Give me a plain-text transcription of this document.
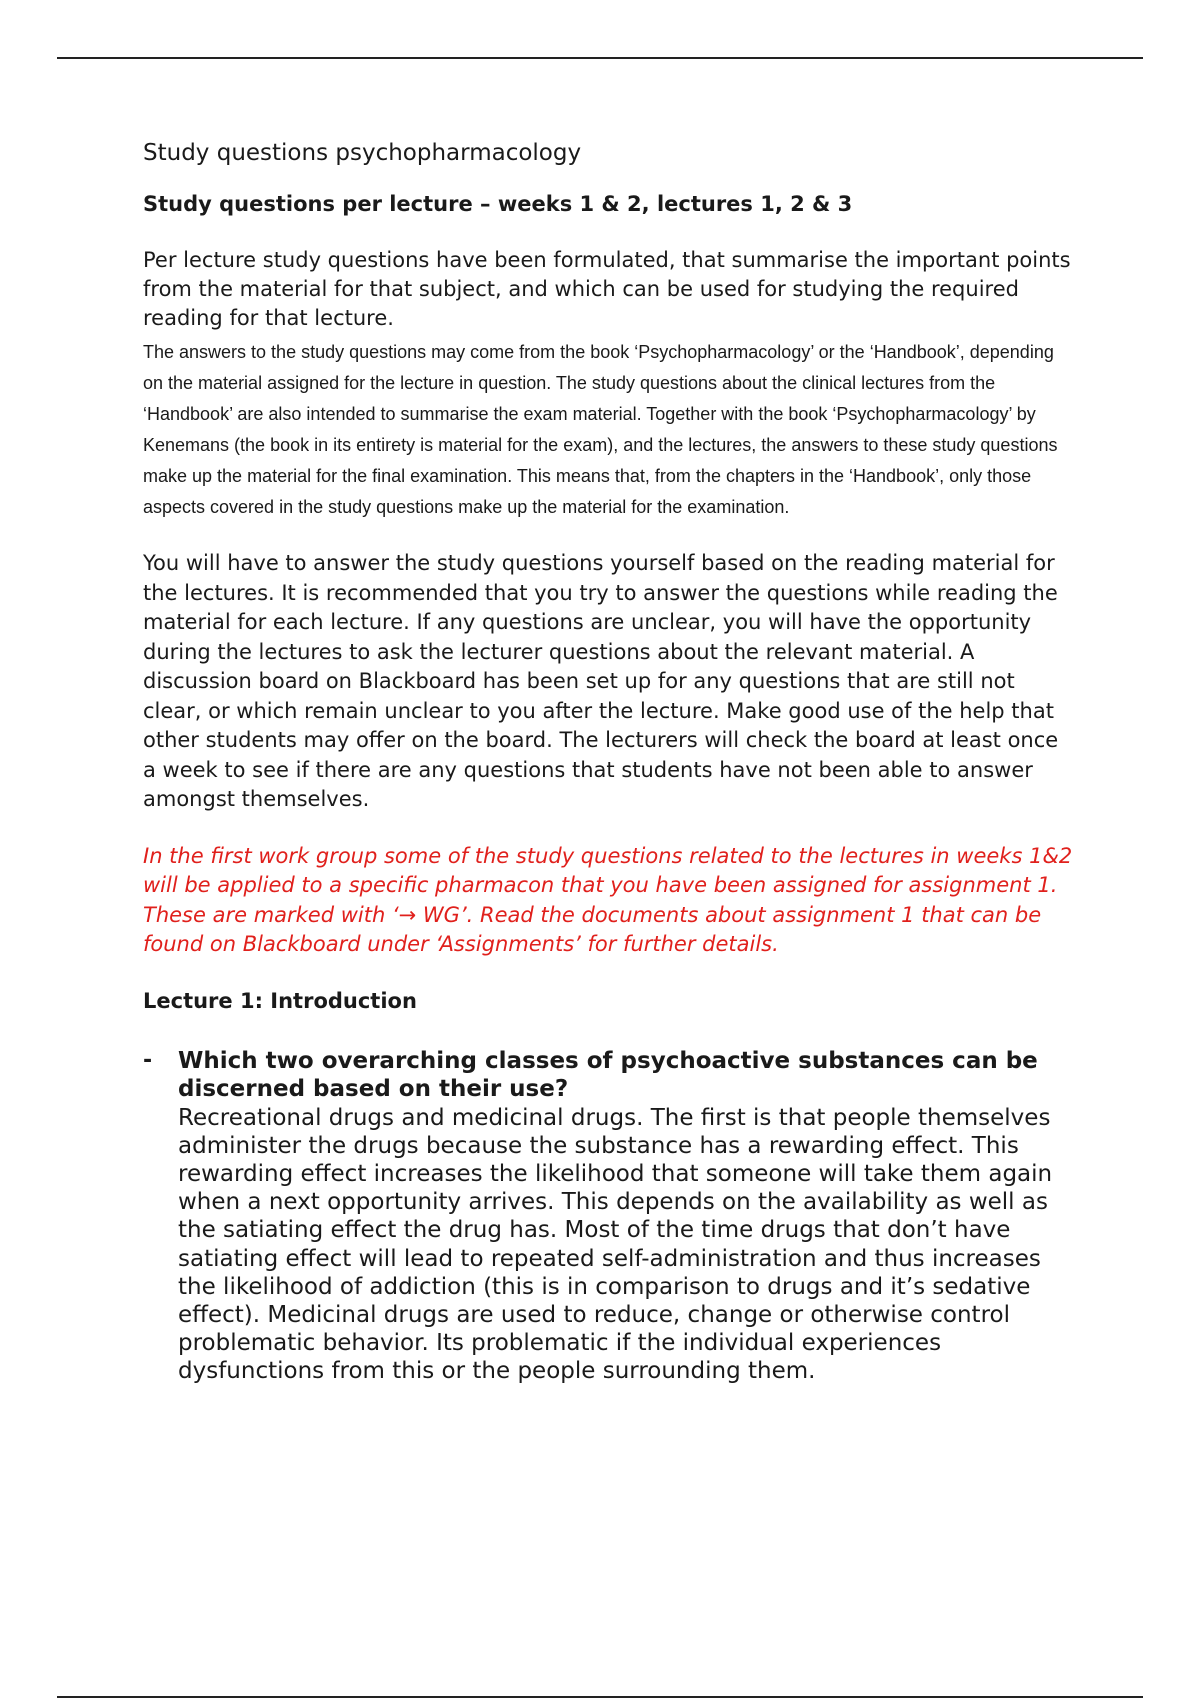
Study questions psychopharmacology

Study questions per lecture – weeks 1 & 2, lectures 1, 2 & 3

Per lecture study questions have been formulated, that summarise the important points from the material for that subject, and which can be used for studying the required reading for that lecture.

The answers to the study questions may come from the book ‘Psychopharmacology’ or the ‘Handbook’, depending on the material assigned for the lecture in question. The study questions about the clinical lectures from the ‘Handbook’ are also intended to summarise the exam material. Together with the book ‘Psychopharmacology’ by Kenemans (the book in its entirety is material for the exam), and the lectures, the answers to these study questions make up the material for the final examination. This means that, from the chapters in the ‘Handbook’, only those aspects covered in the study questions make up the material for the examination.

You will have to answer the study questions yourself based on the reading material for the lectures. It is recommended that you try to answer the questions while reading the material for each lecture. If any questions are unclear, you will have the opportunity during the lectures to ask the lecturer questions about the relevant material. A discussion board on Blackboard has been set up for any questions that are still not clear, or which remain unclear to you after the lecture. Make good use of the help that other students may offer on the board. The lecturers will check the board at least once a week to see if there are any questions that students have not been able to answer amongst themselves.

In the first work group some of the study questions related to the lectures in weeks 1&2 will be applied to a specific pharmacon that you have been assigned for assignment 1. These are marked with ‘→ WG’. Read the documents about assignment 1 that can be found on Blackboard under ‘Assignments’ for further details.

Lecture 1: Introduction

- Which two overarching classes of psychoactive substances can be discerned based on their use?

Recreational drugs and medicinal drugs. The first is that people themselves administer the drugs because the substance has a rewarding effect. This rewarding effect increases the likelihood that someone will take them again when a next opportunity arrives. This depends on the availability as well as the satiating effect the drug has. Most of the time drugs that don’t have satiating effect will lead to repeated self-administration and thus increases the likelihood of addiction (this is in comparison to drugs and it’s sedative effect). Medicinal drugs are used to reduce, change or otherwise control problematic behavior. Its problematic if the individual experiences dysfunctions from this or the people surrounding them.
